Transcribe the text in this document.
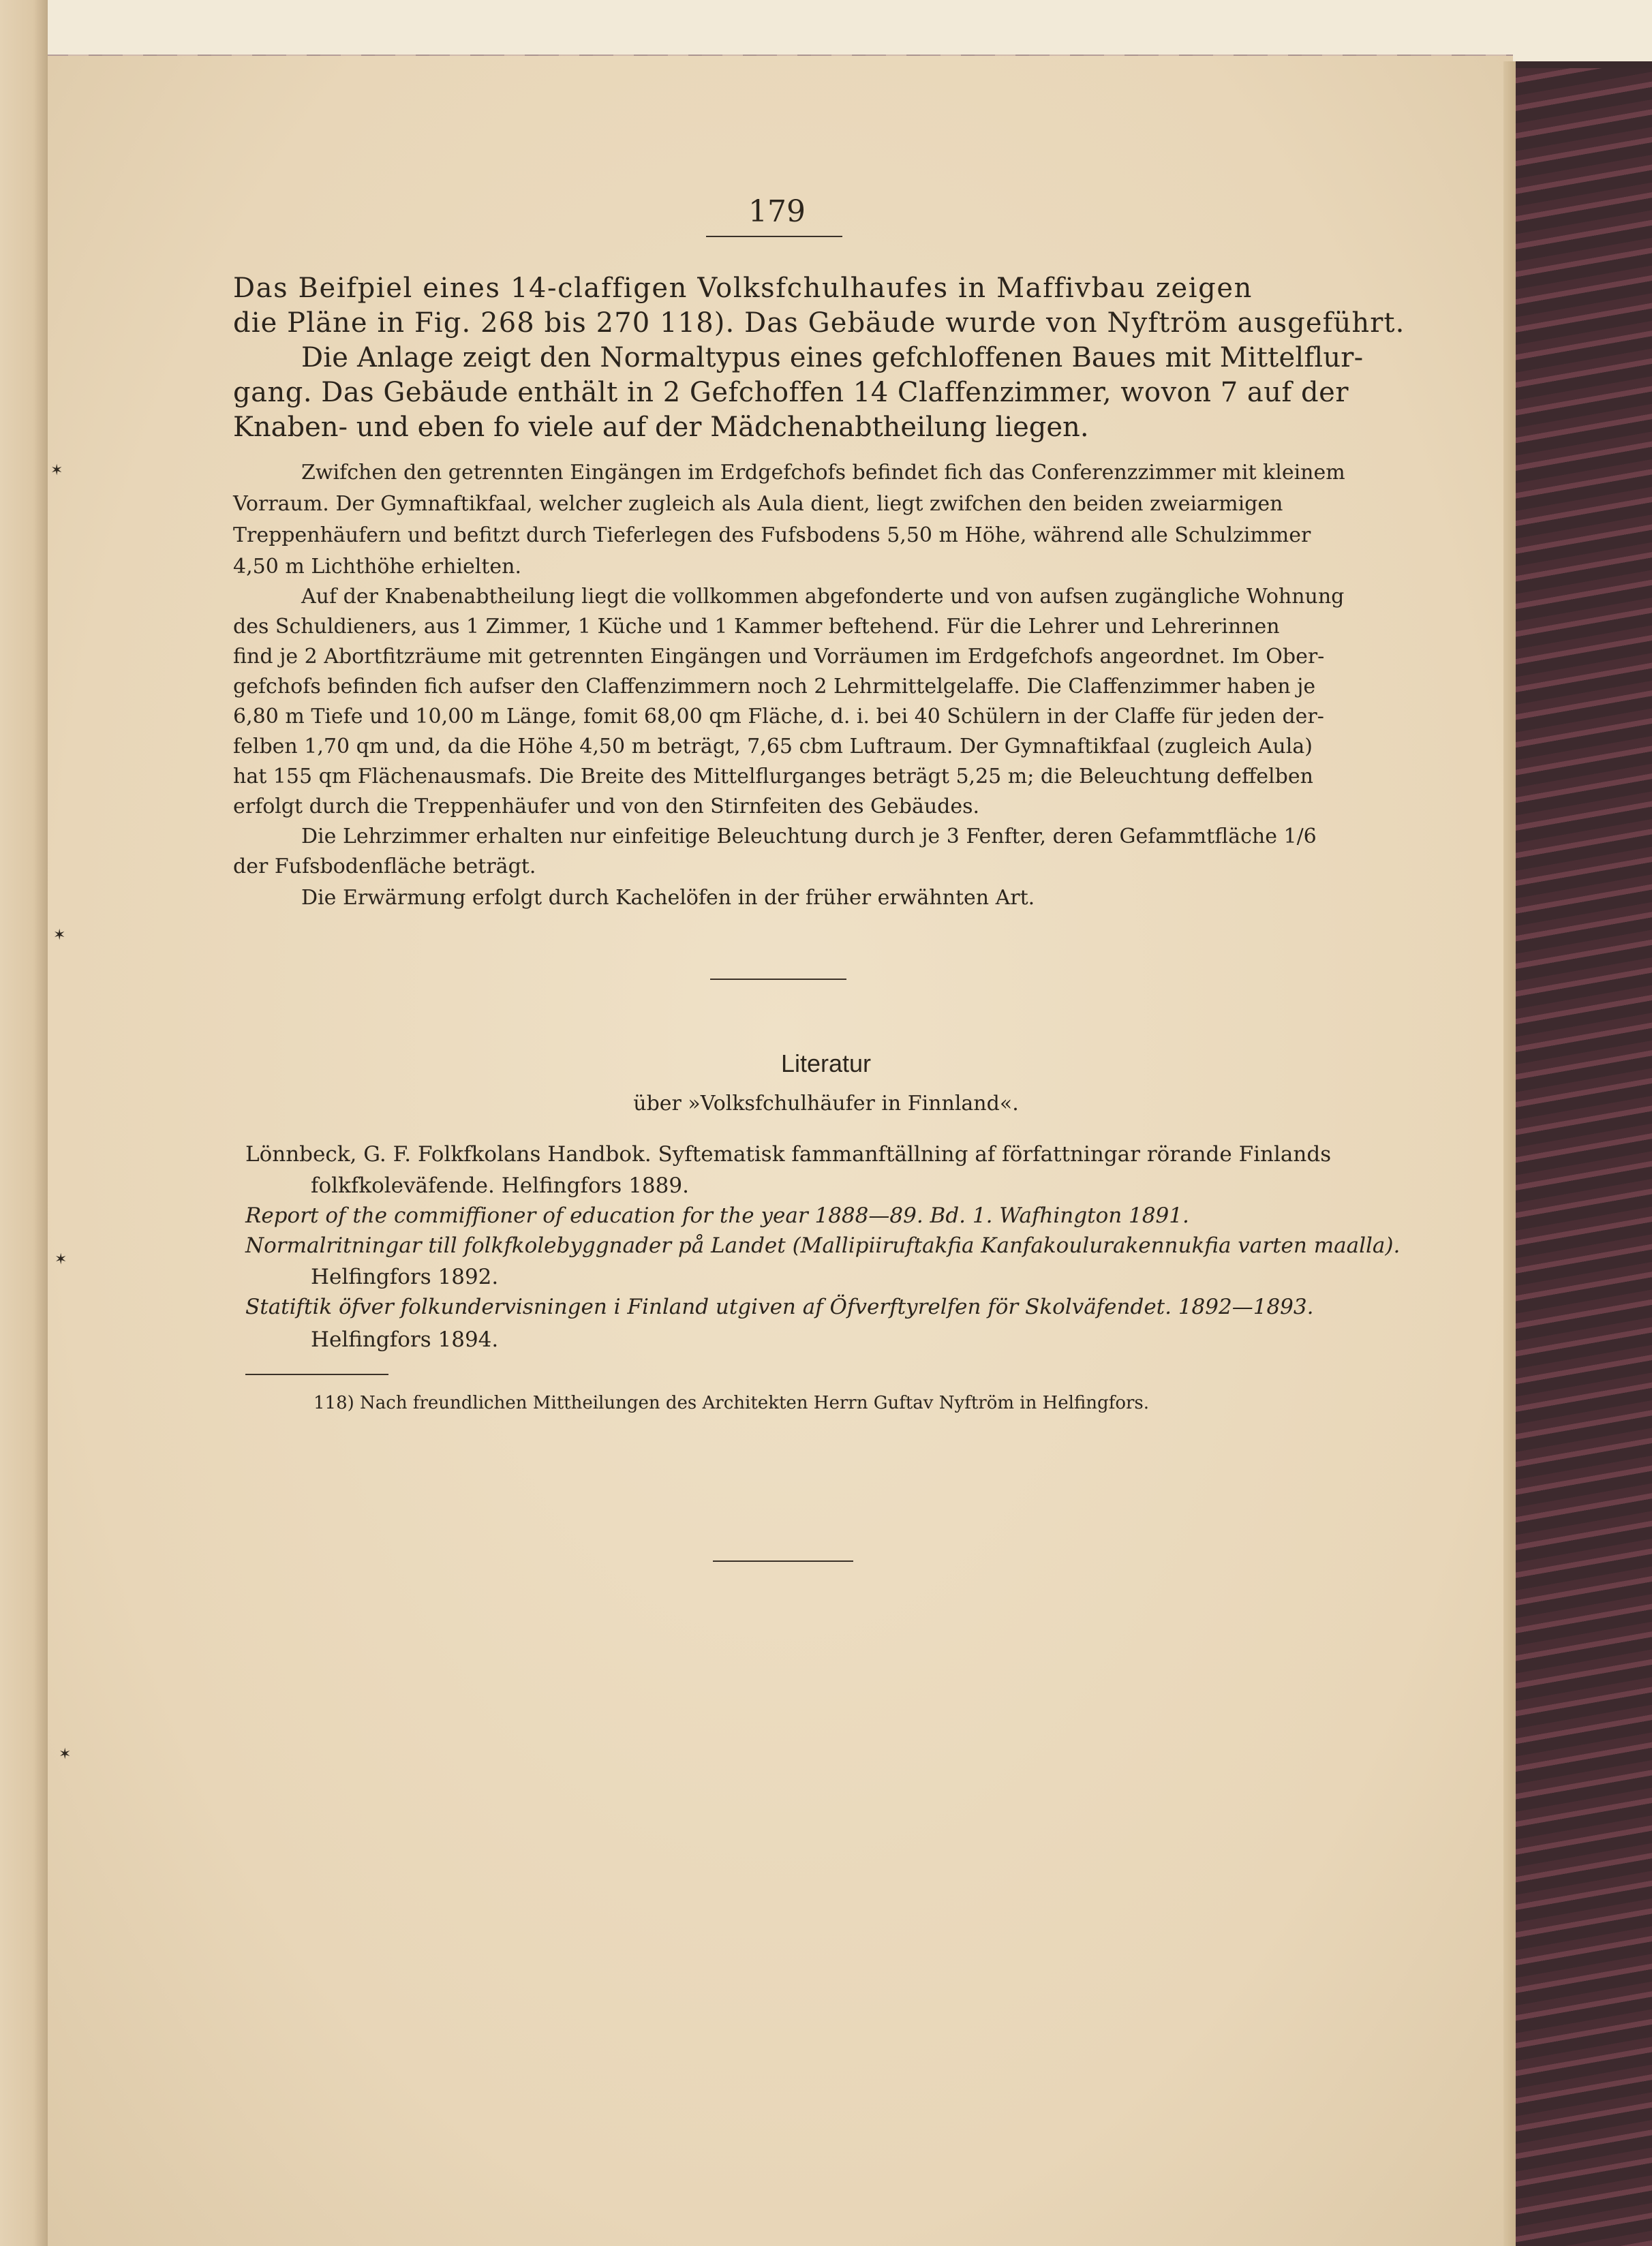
179
Das Beifpiel eines 14-claffigen Volksfchulhaufes in Maffivbau zeigen
die Pläne in Fig. 268 bis 270 118). Das Gebäude wurde von Nyftröm ausgeführt.
Die Anlage zeigt den Normaltypus eines gefchloffenen Baues mit Mittelflur-
gang. Das Gebäude enthält in 2 Gefchoffen 14 Claffenzimmer, wovon 7 auf der
Knaben- und eben fo viele auf der Mädchenabtheilung liegen.
Zwifchen den getrennten Eingängen im Erdgefchofs befindet fich das Conferenzzimmer mit kleinem
Vorraum. Der Gymnaftikfaal, welcher zugleich als Aula dient, liegt zwifchen den beiden zweiarmigen
Treppenhäufern und befitzt durch Tieferlegen des Fufsbodens 5,50 m Höhe, während alle Schulzimmer
4,50 m Lichthöhe erhielten.
Auf der Knabenabtheilung liegt die vollkommen abgefonderte und von aufsen zugängliche Wohnung
des Schuldieners, aus 1 Zimmer, 1 Küche und 1 Kammer beftehend. Für die Lehrer und Lehrerinnen
find je 2 Abortfitzräume mit getrennten Eingängen und Vorräumen im Erdgefchofs angeordnet. Im Ober-
gefchofs befinden fich aufser den Claffenzimmern noch 2 Lehrmittelgelaffe. Die Claffenzimmer haben je
6,80 m Tiefe und 10,00 m Länge, fomit 68,00 qm Fläche, d. i. bei 40 Schülern in der Claffe für jeden der-
felben 1,70 qm und, da die Höhe 4,50 m beträgt, 7,65 cbm Luftraum. Der Gymnaftikfaal (zugleich Aula)
hat 155 qm Flächenausmafs. Die Breite des Mittelflurganges beträgt 5,25 m; die Beleuchtung deffelben
erfolgt durch die Treppenhäufer und von den Stirnfeiten des Gebäudes.
Die Lehrzimmer erhalten nur einfeitige Beleuchtung durch je 3 Fenfter, deren Gefammtfläche 1/6
der Fufsbodenfläche beträgt.
Die Erwärmung erfolgt durch Kachelöfen in der früher erwähnten Art.
Literatur
über »Volksfchulhäufer in Finnland«.
Lönnbeck, G. F. Folkfkolans Handbok. Syftematisk fammanftällning af författningar rörande Finlands
folkfkoleväfende. Helfingfors 1889.
Report of the commiffioner of education for the year 1888—89. Bd. 1. Wafhington 1891.
Normalritningar till folkfkolebyggnader på Landet (Mallipiiruftakfia Kanfakoulurakennukfia varten maalla).
Helfingfors 1892.
Statiftik öfver folkundervisningen i Finland utgiven af Öfverftyrelfen för Skolväfendet. 1892—1893.
Helfingfors 1894.
118) Nach freundlichen Mittheilungen des Architekten Herrn Guftav Nyftröm in Helfingfors.
✶
✶
✶
✶
